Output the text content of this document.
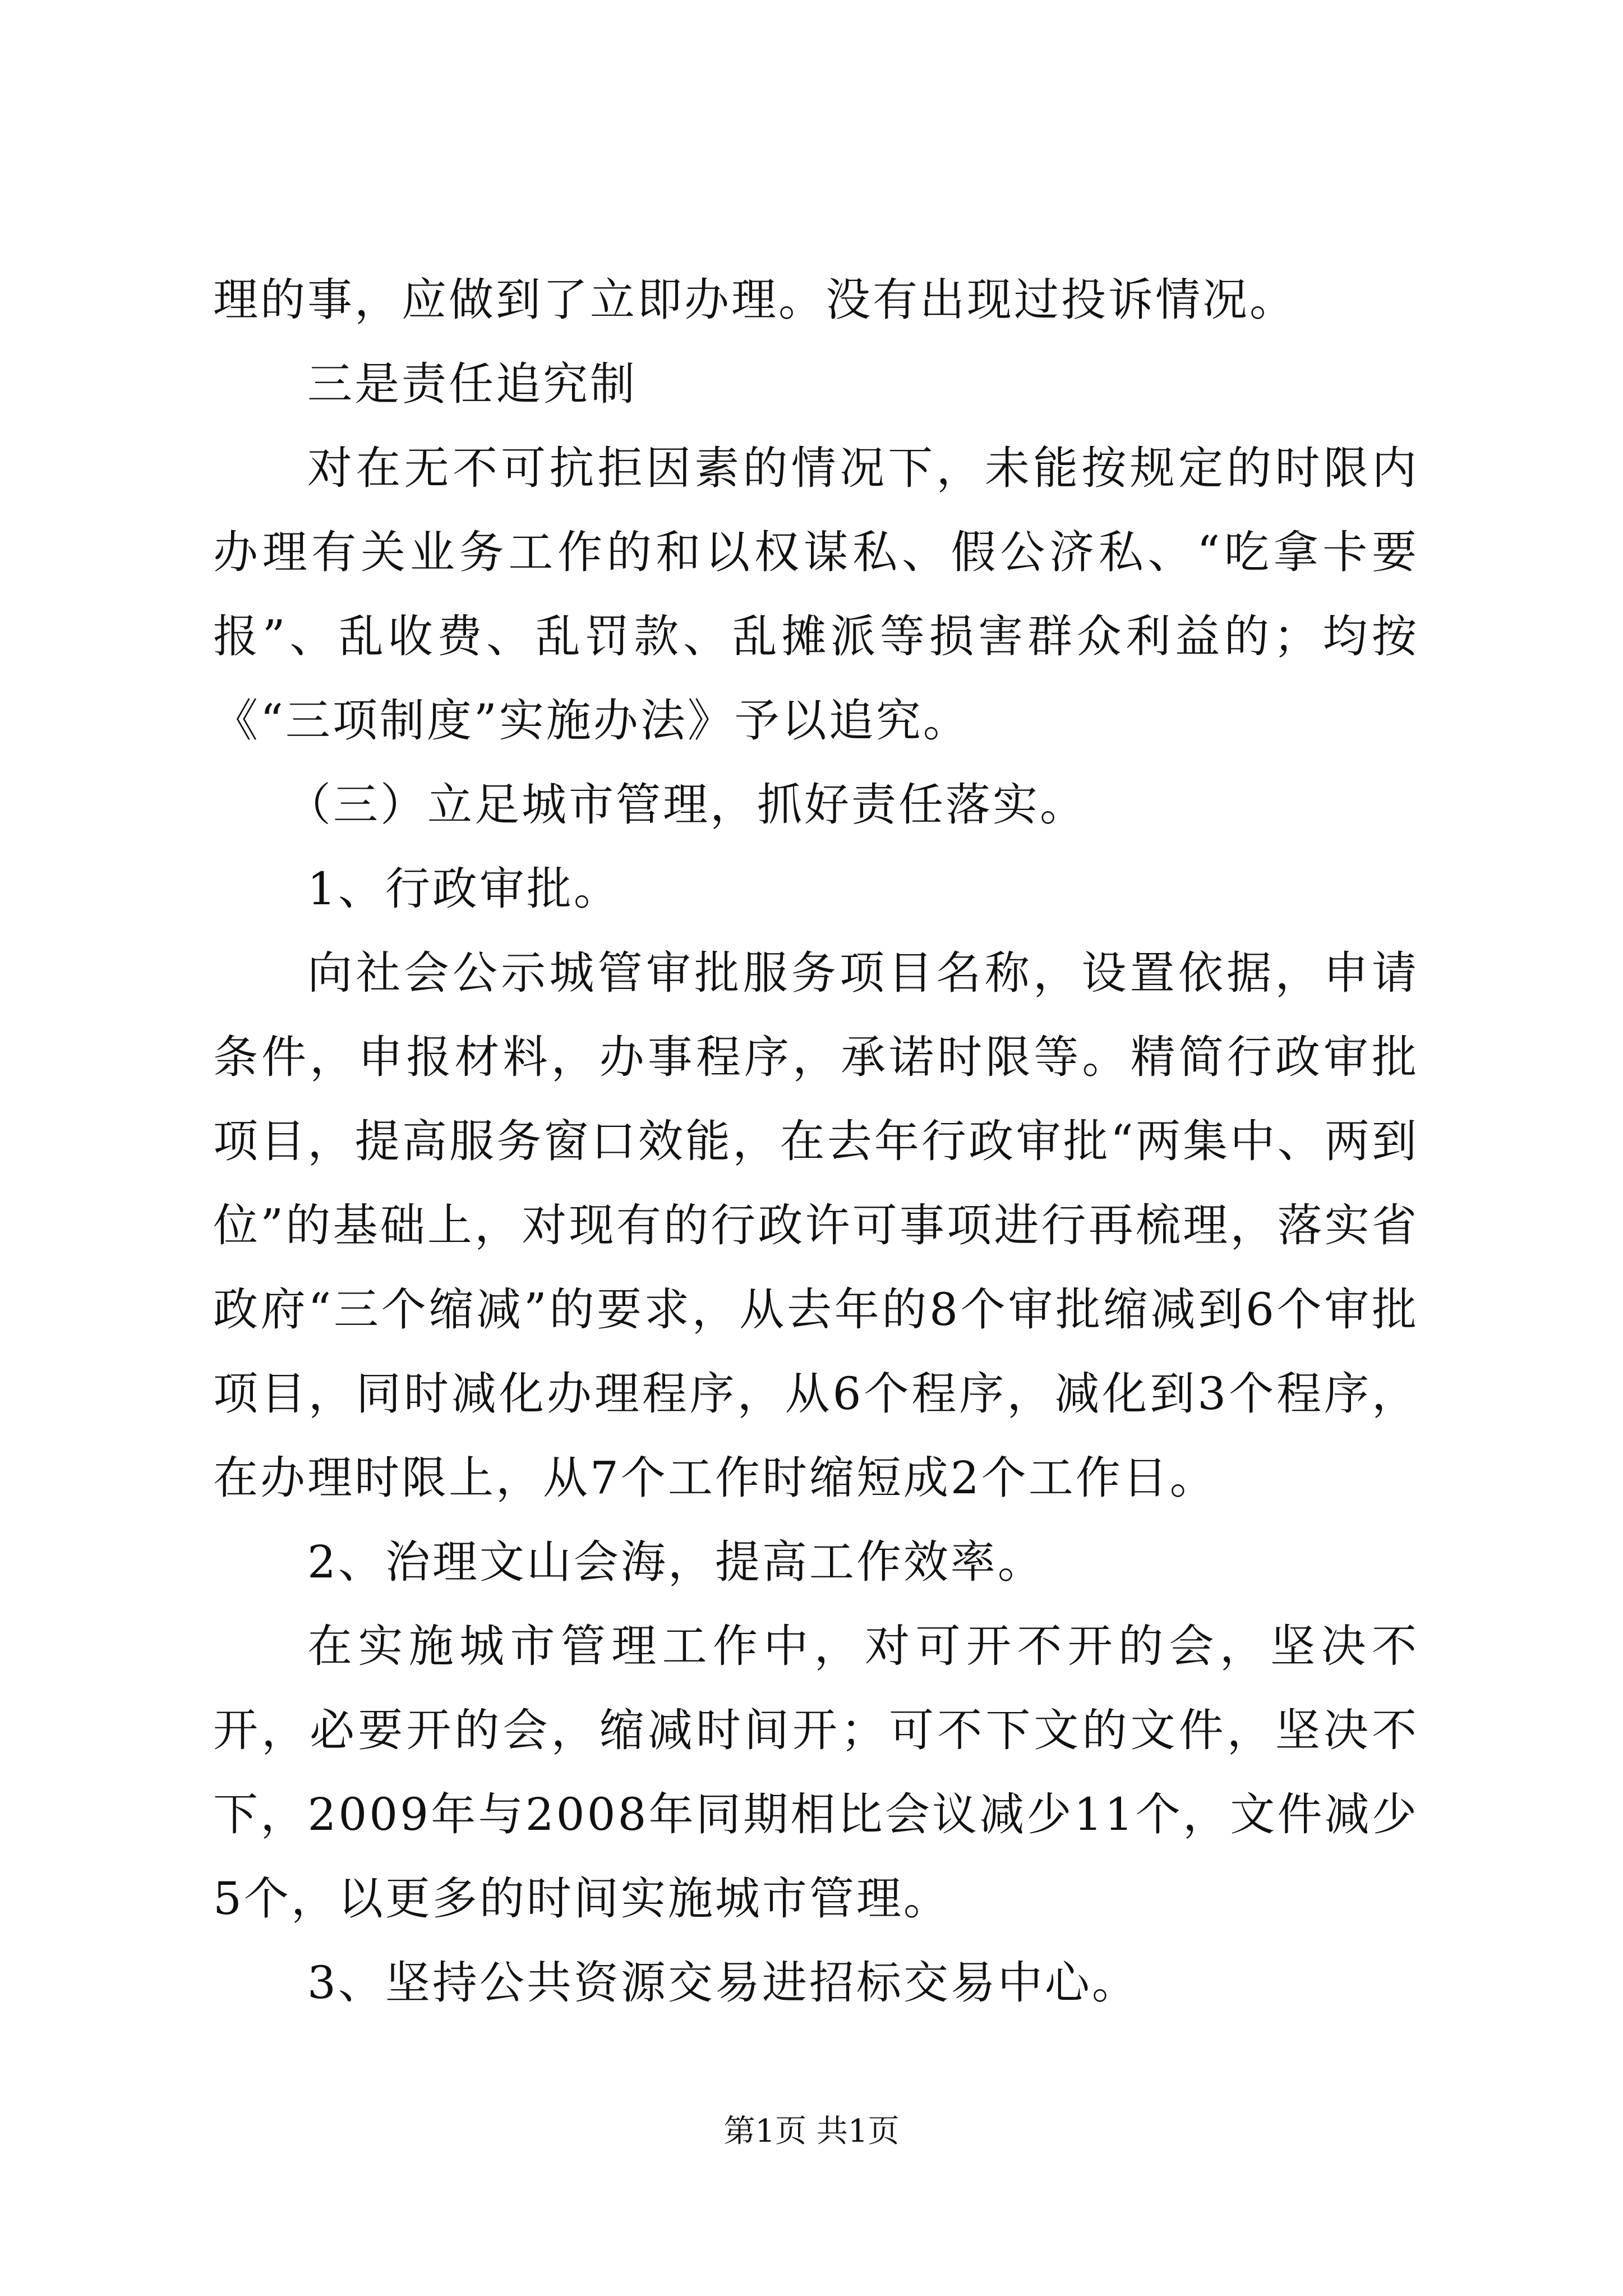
理的事，应做到了立即办理。没有出现过投诉情况。

三是责任追究制

对在无不可抗拒因素的情况下，未能按规定的时限内办理有关业务工作的和以权谋私、假公济私、“吃拿卡要报”、乱收费、乱罚款、乱摊派等损害群众利益的；均按《“三项制度”实施办法》予以追究。

（三）立足城市管理，抓好责任落实。

1、行政审批。

向社会公示城管审批服务项目名称，设置依据，申请条件，申报材料，办事程序，承诺时限等。精简行政审批项目，提高服务窗口效能，在去年行政审批“两集中、两到位”的基础上，对现有的行政许可事项进行再梳理，落实省政府“三个缩减”的要求，从去年的8个审批缩减到6个审批项目，同时减化办理程序，从6个程序，减化到3个程序，在办理时限上，从7个工作时缩短成2个工作日。

2、治理文山会海，提高工作效率。

在实施城市管理工作中，对可开不开的会，坚决不开，必要开的会，缩减时间开；可不下文的文件，坚决不下，2009年与2008年同期相比会议减少11个，文件减少5个，以更多的时间实施城市管理。

3、坚持公共资源交易进招标交易中心。

第1页 共1页
